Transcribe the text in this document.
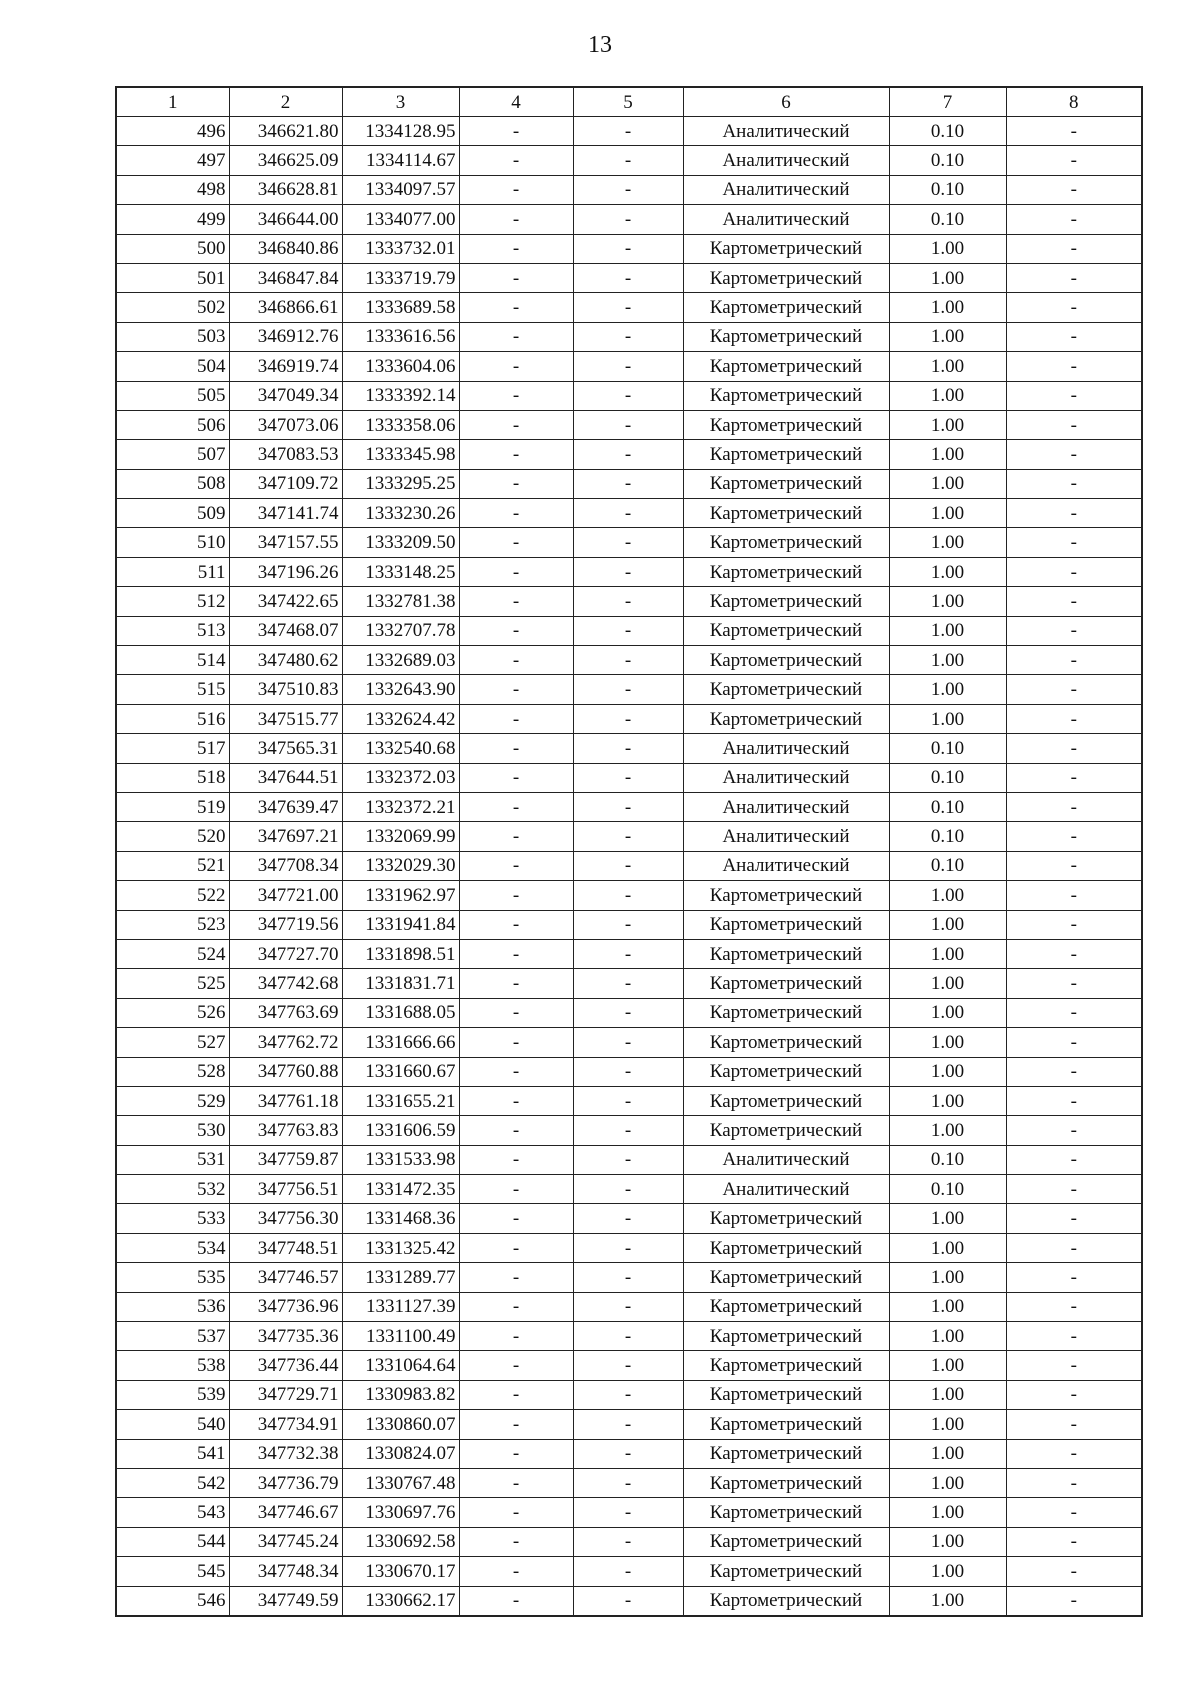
13
1	2	3	4	5	6	7	8
496	346621.80	1334128.95	-	-	Аналитический	0.10	-
497	346625.09	1334114.67	-	-	Аналитический	0.10	-
498	346628.81	1334097.57	-	-	Аналитический	0.10	-
499	346644.00	1334077.00	-	-	Аналитический	0.10	-
500	346840.86	1333732.01	-	-	Картометрический	1.00	-
501	346847.84	1333719.79	-	-	Картометрический	1.00	-
502	346866.61	1333689.58	-	-	Картометрический	1.00	-
503	346912.76	1333616.56	-	-	Картометрический	1.00	-
504	346919.74	1333604.06	-	-	Картометрический	1.00	-
505	347049.34	1333392.14	-	-	Картометрический	1.00	-
506	347073.06	1333358.06	-	-	Картометрический	1.00	-
507	347083.53	1333345.98	-	-	Картометрический	1.00	-
508	347109.72	1333295.25	-	-	Картометрический	1.00	-
509	347141.74	1333230.26	-	-	Картометрический	1.00	-
510	347157.55	1333209.50	-	-	Картометрический	1.00	-
511	347196.26	1333148.25	-	-	Картометрический	1.00	-
512	347422.65	1332781.38	-	-	Картометрический	1.00	-
513	347468.07	1332707.78	-	-	Картометрический	1.00	-
514	347480.62	1332689.03	-	-	Картометрический	1.00	-
515	347510.83	1332643.90	-	-	Картометрический	1.00	-
516	347515.77	1332624.42	-	-	Картометрический	1.00	-
517	347565.31	1332540.68	-	-	Аналитический	0.10	-
518	347644.51	1332372.03	-	-	Аналитический	0.10	-
519	347639.47	1332372.21	-	-	Аналитический	0.10	-
520	347697.21	1332069.99	-	-	Аналитический	0.10	-
521	347708.34	1332029.30	-	-	Аналитический	0.10	-
522	347721.00	1331962.97	-	-	Картометрический	1.00	-
523	347719.56	1331941.84	-	-	Картометрический	1.00	-
524	347727.70	1331898.51	-	-	Картометрический	1.00	-
525	347742.68	1331831.71	-	-	Картометрический	1.00	-
526	347763.69	1331688.05	-	-	Картометрический	1.00	-
527	347762.72	1331666.66	-	-	Картометрический	1.00	-
528	347760.88	1331660.67	-	-	Картометрический	1.00	-
529	347761.18	1331655.21	-	-	Картометрический	1.00	-
530	347763.83	1331606.59	-	-	Картометрический	1.00	-
531	347759.87	1331533.98	-	-	Аналитический	0.10	-
532	347756.51	1331472.35	-	-	Аналитический	0.10	-
533	347756.30	1331468.36	-	-	Картометрический	1.00	-
534	347748.51	1331325.42	-	-	Картометрический	1.00	-
535	347746.57	1331289.77	-	-	Картометрический	1.00	-
536	347736.96	1331127.39	-	-	Картометрический	1.00	-
537	347735.36	1331100.49	-	-	Картометрический	1.00	-
538	347736.44	1331064.64	-	-	Картометрический	1.00	-
539	347729.71	1330983.82	-	-	Картометрический	1.00	-
540	347734.91	1330860.07	-	-	Картометрический	1.00	-
541	347732.38	1330824.07	-	-	Картометрический	1.00	-
542	347736.79	1330767.48	-	-	Картометрический	1.00	-
543	347746.67	1330697.76	-	-	Картометрический	1.00	-
544	347745.24	1330692.58	-	-	Картометрический	1.00	-
545	347748.34	1330670.17	-	-	Картометрический	1.00	-
546	347749.59	1330662.17	-	-	Картометрический	1.00	-
